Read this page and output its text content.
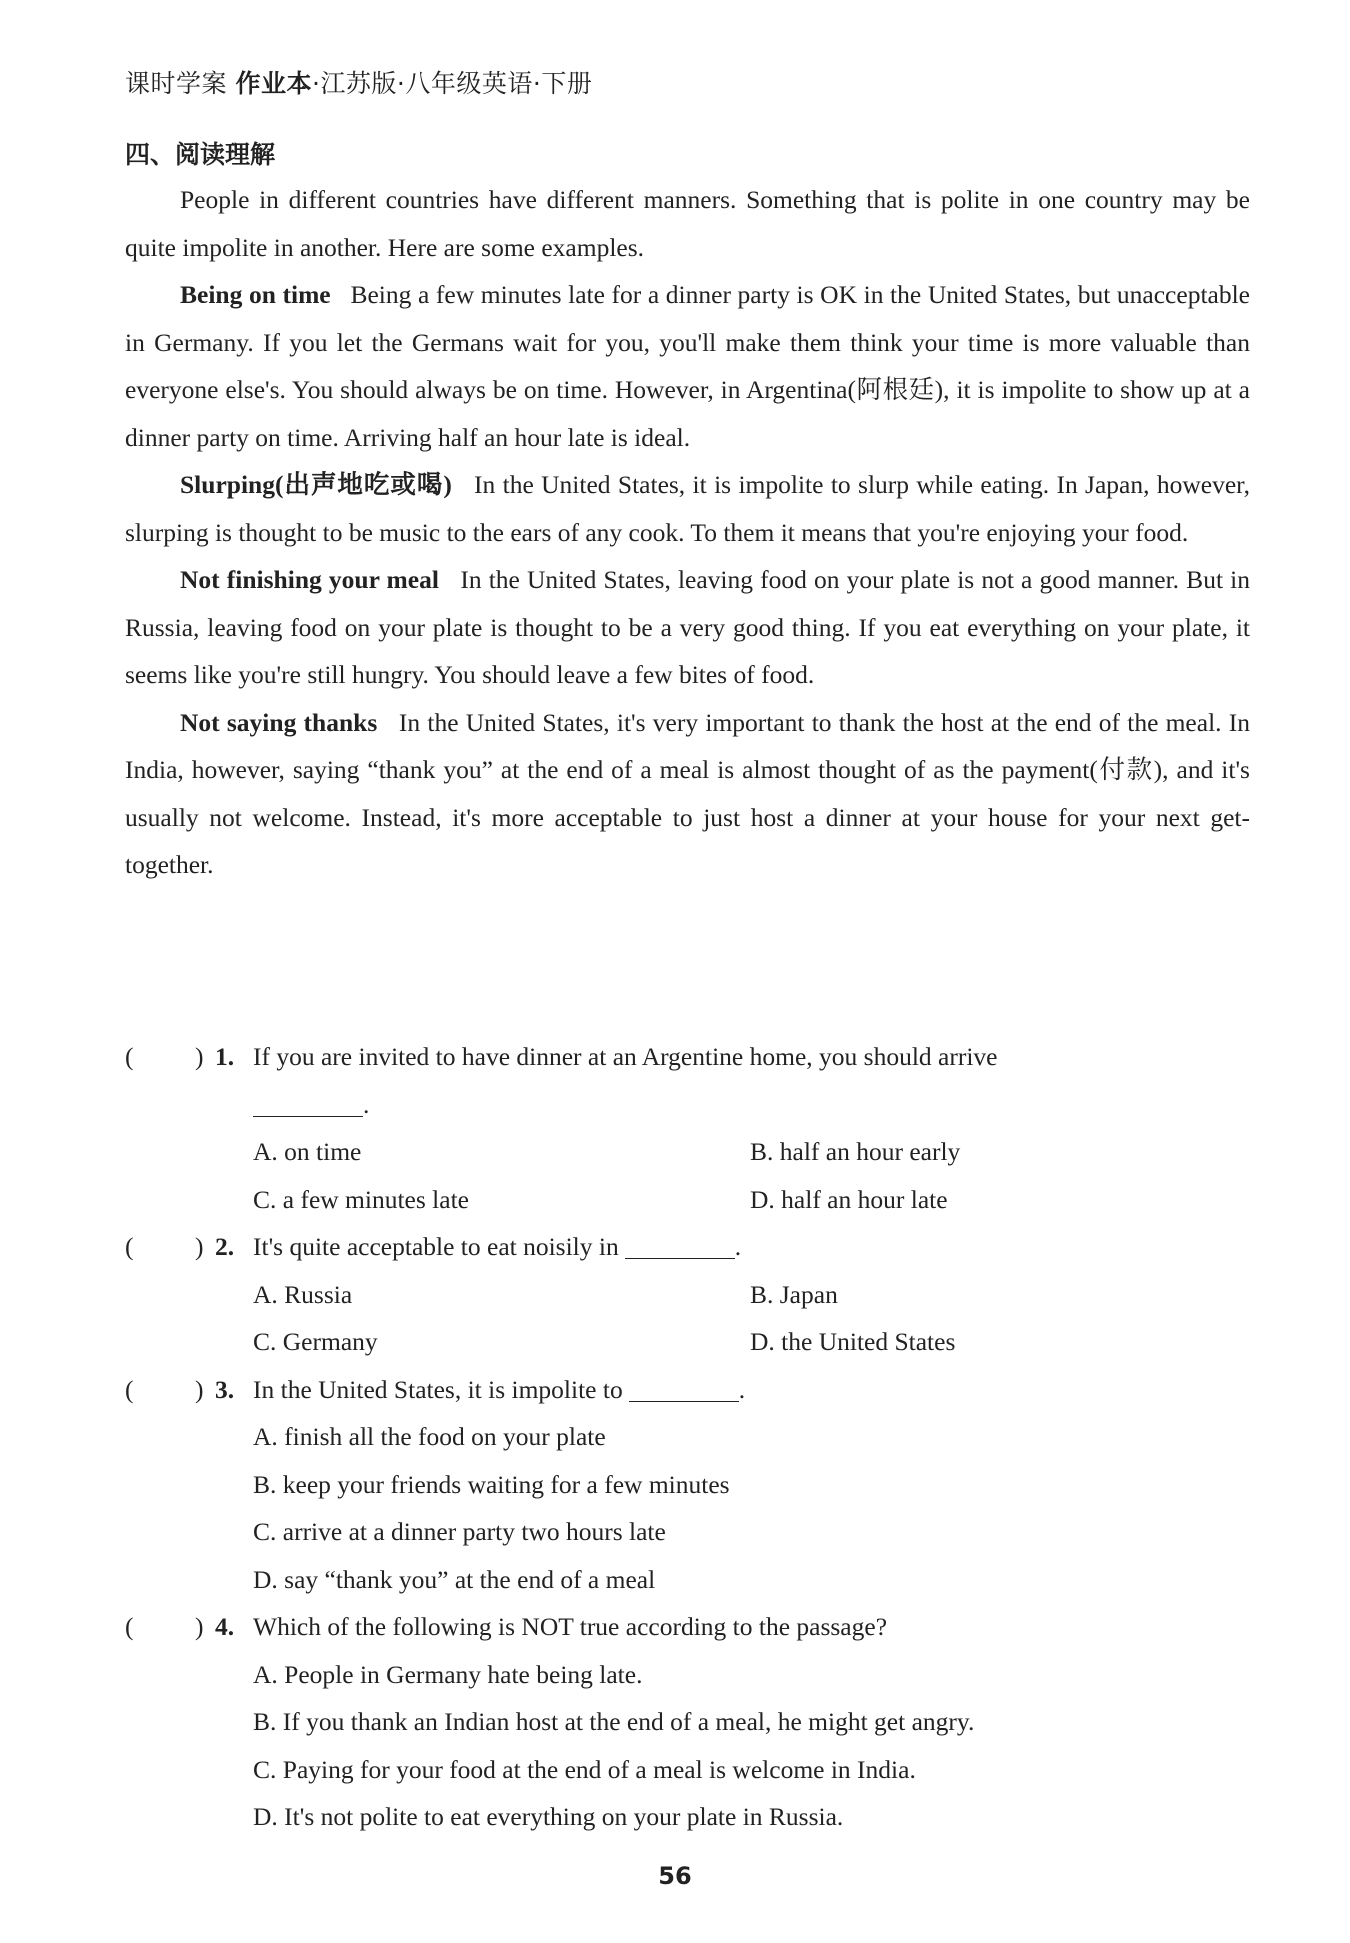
课时学案 作业本·江苏版·八年级英语·下册
四、阅读理解

People in different countries have different manners. Something that is polite in one country may be quite impolite in another. Here are some examples.

Being on time Being a few minutes late for a dinner party is OK in the United States, but unacceptable in Germany. If you let the Germans wait for you, you'll make them think your time is more valuable than everyone else's. You should always be on time. However, in Argentina(阿根廷), it is impolite to show up at a dinner party on time. Arriving half an hour late is ideal.

Slurping(出声地吃或喝) In the United States, it is impolite to slurp while eating. In Japan, however, slurping is thought to be music to the ears of any cook. To them it means that you're enjoying your food.

Not finishing your meal In the United States, leaving food on your plate is not a good manner. But in Russia, leaving food on your plate is thought to be a very good thing. If you eat everything on your plate, it seems like you're still hungry. You should leave a few bites of food.

Not saying thanks In the United States, it's very important to thank the host at the end of the meal. In India, however, saying “thank you” at the end of a meal is almost thought of as the payment(付款), and it's usually not welcome. Instead, it's more acceptable to just host a dinner at your house for your next get-together.

( ) 1. If you are invited to have dinner at an Argentine home, you should arrive
.
A. on time	B. half an hour early
C. a few minutes late	D. half an hour late
( ) 2. It's quite acceptable to eat noisily in	.
A. Russia	B. Japan
C. Germany	D. the United States
( ) 3. In the United States, it is impolite to	.
A. finish all the food on your plate
B. keep your friends waiting for a few minutes
C. arrive at a dinner party two hours late
D. say “thank you” at the end of a meal
( ) 4. Which of the following is NOT true according to the passage?
A. People in Germany hate being late.
B. If you thank an Indian host at the end of a meal, he might get angry.
C. Paying for your food at the end of a meal is welcome in India.
D. It's not polite to eat everything on your plate in Russia.
56
